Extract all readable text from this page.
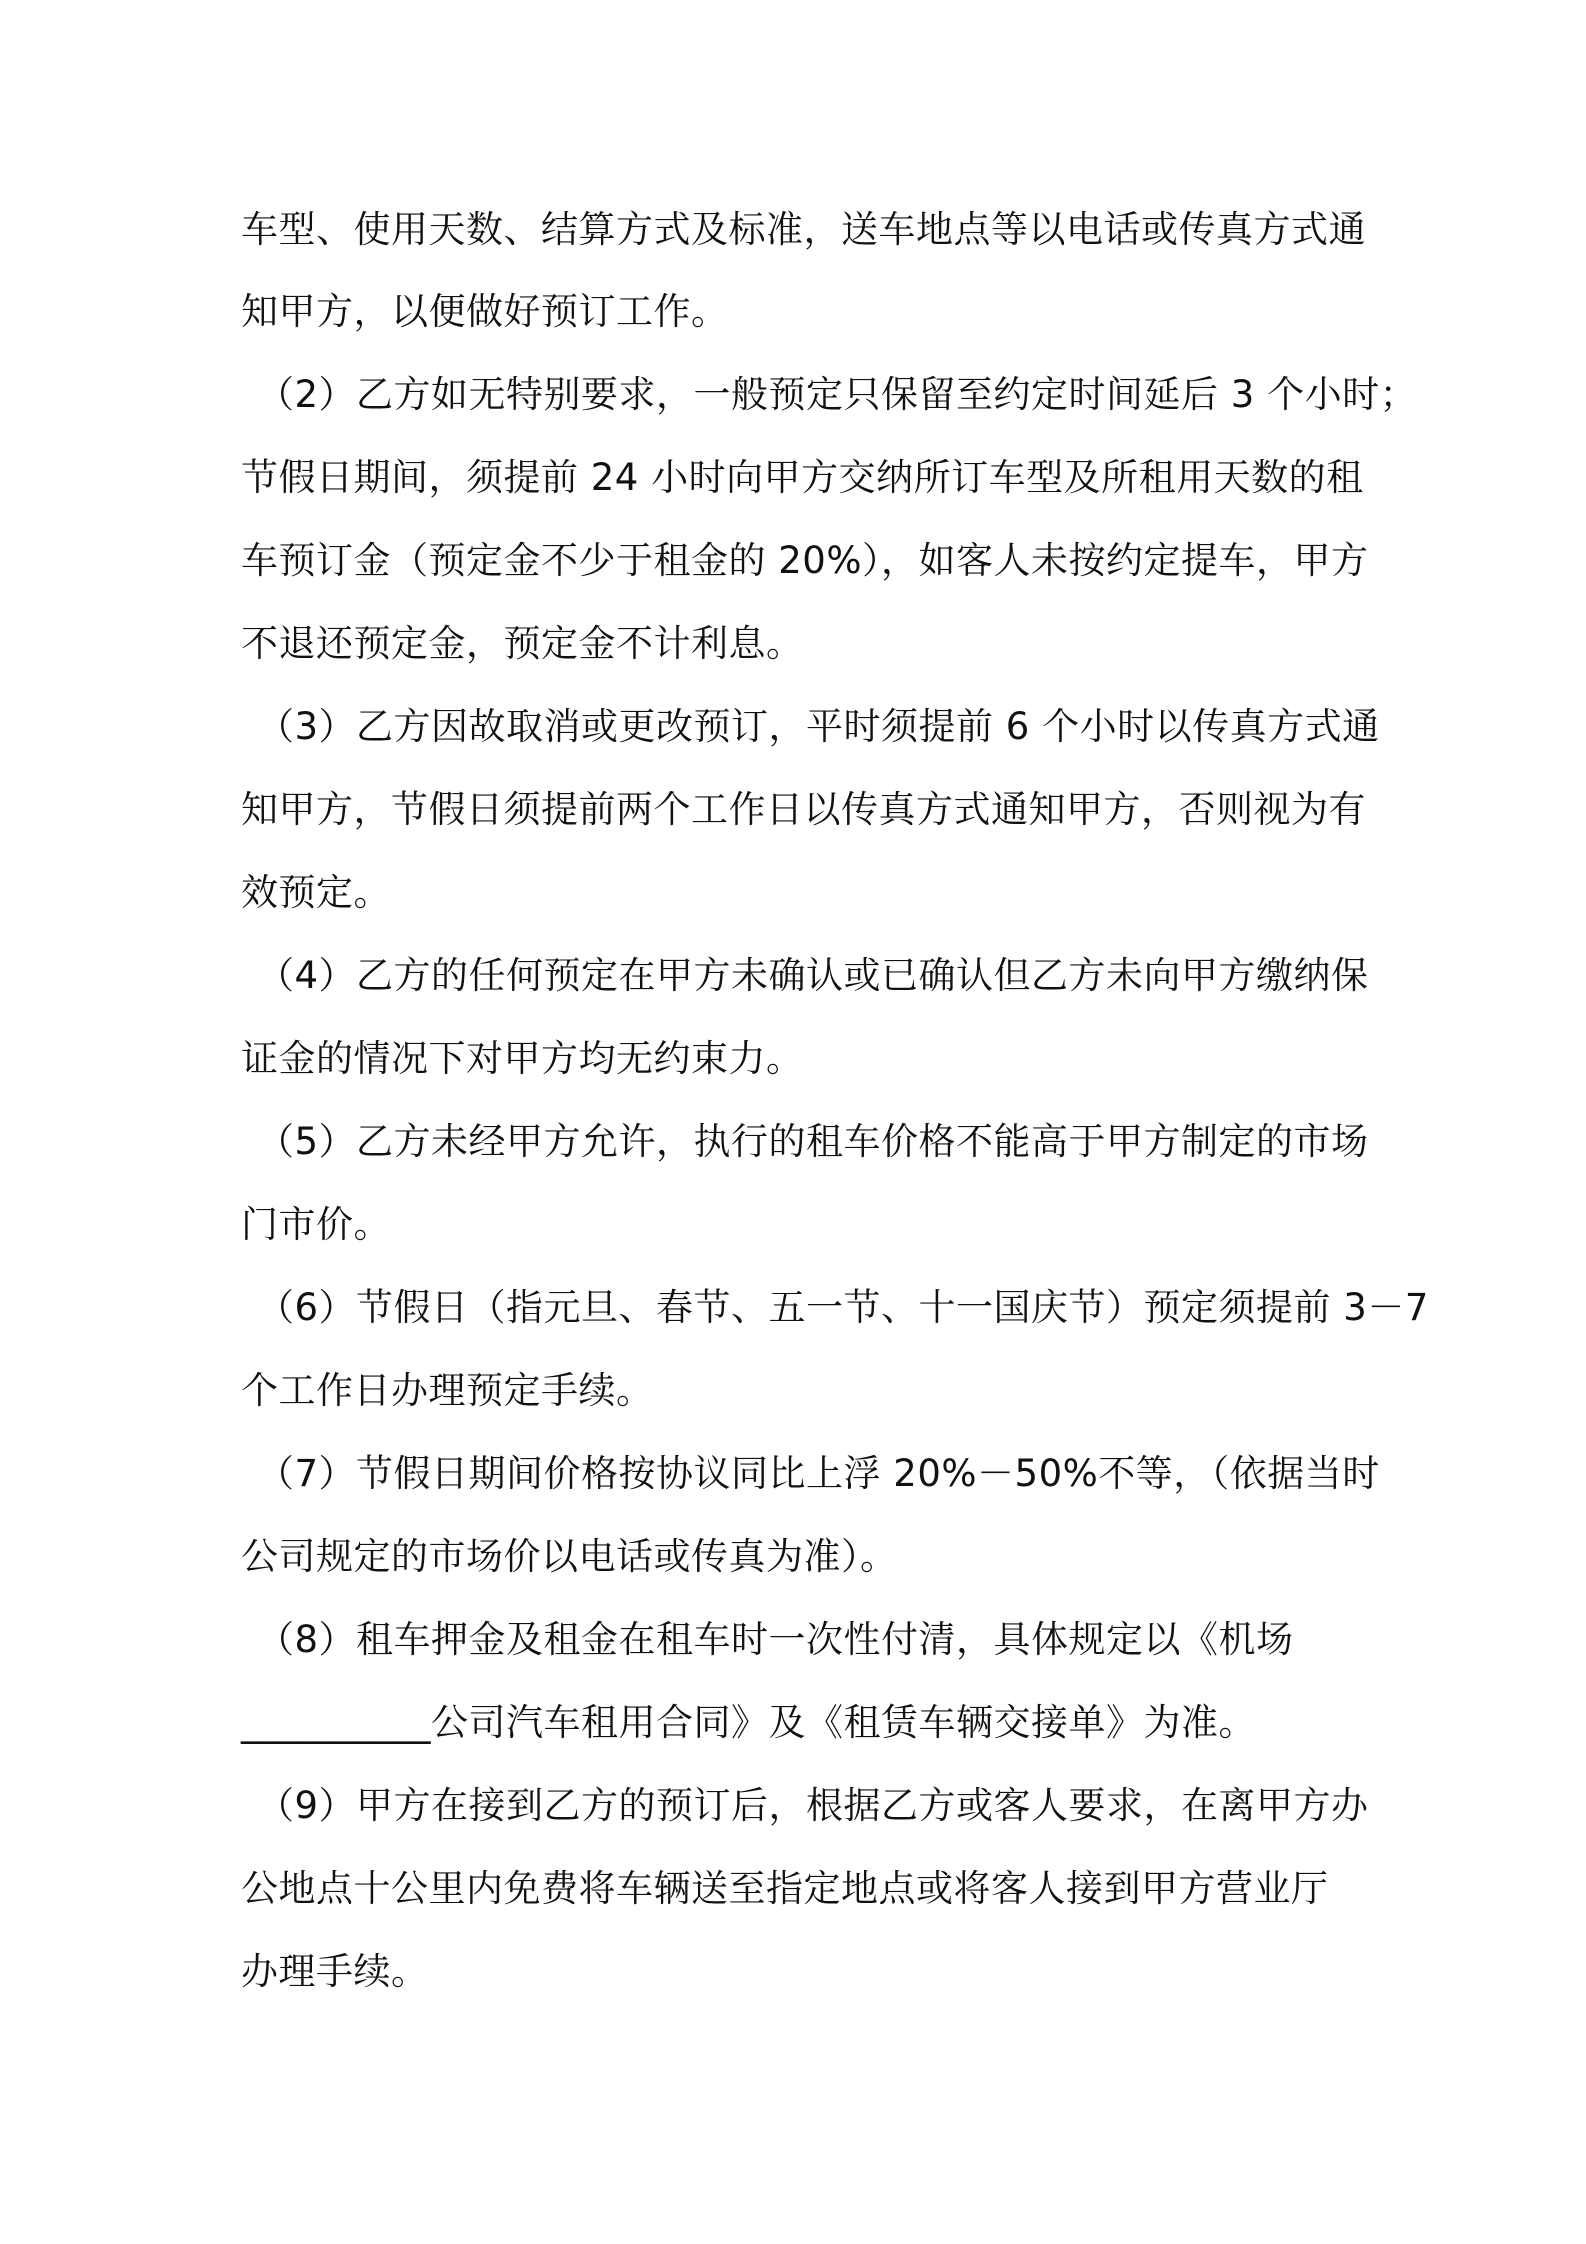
车型、使用天数、结算方式及标准，送车地点等以电话或传真方式通
知甲方，以便做好预订工作。
（2）乙方如无特别要求，一般预定只保留至约定时间延后 3 个小时；
节假日期间，须提前 24 小时向甲方交纳所订车型及所租用天数的租
车预订金（预定金不少于租金的 20%），如客人未按约定提车，甲方
不退还预定金，预定金不计利息。
（3）乙方因故取消或更改预订，平时须提前 6 个小时以传真方式通
知甲方，节假日须提前两个工作日以传真方式通知甲方，否则视为有
效预定。
（4）乙方的任何预定在甲方未确认或已确认但乙方未向甲方缴纳保
证金的情况下对甲方均无约束力。
（5）乙方未经甲方允许，执行的租车价格不能高于甲方制定的市场
门市价。
（6）节假日（指元旦、春节、五一节、十一国庆节）预定须提前 3－7
个工作日办理预定手续。
（7）节假日期间价格按协议同比上浮 20%－50%不等，（依据当时
公司规定的市场价以电话或传真为准）。
（8）租车押金及租金在租车时一次性付清，具体规定以《机场
__________公司汽车租用合同》及《租赁车辆交接单》为准。
（9）甲方在接到乙方的预订后，根据乙方或客人要求，在离甲方办
公地点十公里内免费将车辆送至指定地点或将客人接到甲方营业厅
办理手续。
